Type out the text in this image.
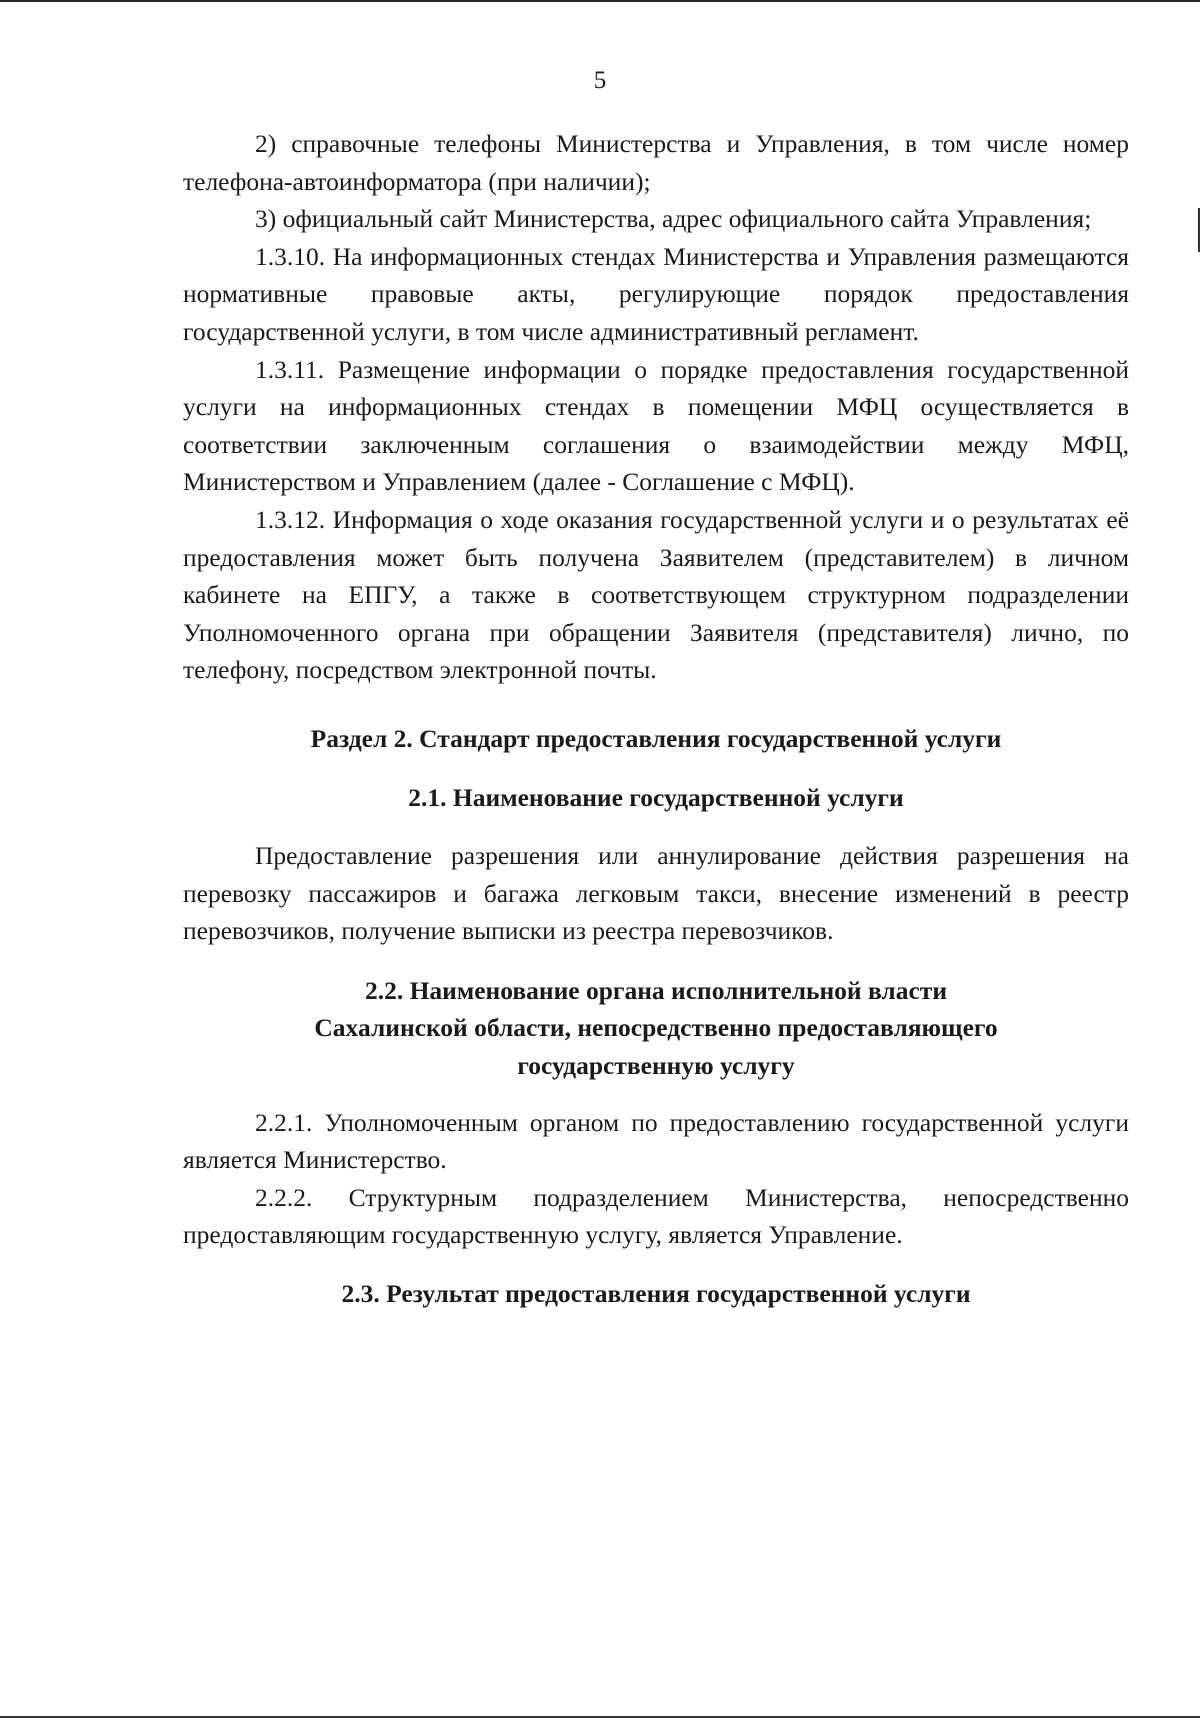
5

2) справочные телефоны Министерства и Управления, в том числе номер телефона-автоинформатора (при наличии);

3) официальный сайт Министерства, адрес официального сайта Управления;

1.3.10. На информационных стендах Министерства и Управления размещаются нормативные правовые акты, регулирующие порядок предоставления государственной услуги, в том числе административный регламент.

1.3.11. Размещение информации о порядке предоставления государственной услуги на информационных стендах в помещении МФЦ осуществляется в соответствии заключенным соглашения о взаимодействии между МФЦ, Министерством и Управлением (далее - Соглашение с МФЦ).

1.3.12. Информация о ходе оказания государственной услуги и о результатах её предоставления может быть получена Заявителем (представителем) в личном кабинете на ЕПГУ, а также в соответствующем структурном подразделении Уполномоченного органа при обращении Заявителя (представителя) лично, по телефону, посредством электронной почты.

Раздел 2. Стандарт предоставления государственной услуги
2.1. Наименование государственной услуги

Предоставление разрешения или аннулирование действия разрешения на перевозку пассажиров и багажа легковым такси, внесение изменений в реестр перевозчиков, получение выписки из реестра перевозчиков.

2.2. Наименование органа исполнительной власти
Сахалинской области, непосредственно предоставляющего
государственную услугу

2.2.1. Уполномоченным органом по предоставлению государственной услуги является Министерство.

2.2.2. Структурным подразделением Министерства, непосредственно предоставляющим государственную услугу, является Управление.

2.3. Результат предоставления государственной услуги
